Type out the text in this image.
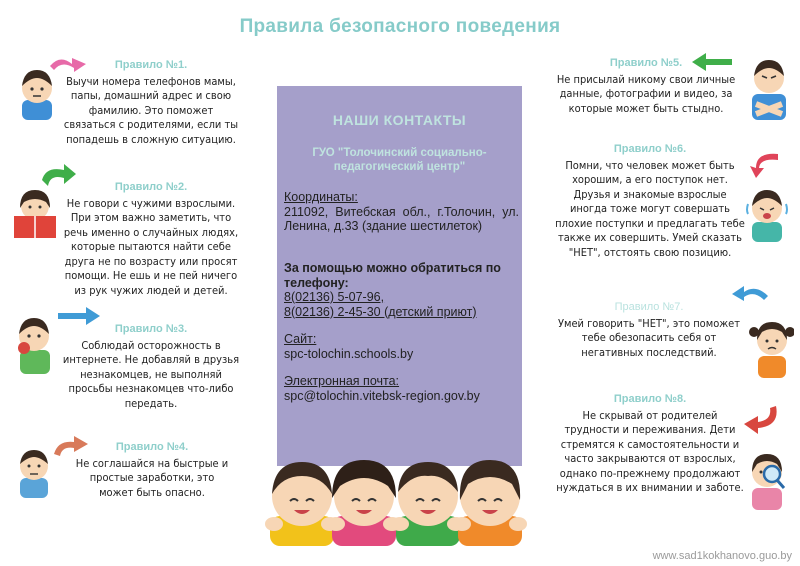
Правила безопасного поведения
Правило №1.
Выучи номера телефонов мамы, папы, домашний адрес и свою фамилию. Это поможет связаться с родителями, если ты попадешь в сложную ситуацию.
Правило №2.
Не говори с чужими взрослыми. При этом важно заметить, что речь именно о случайных людях, которые пытаются найти себе друга не по возрасту или просят помощи. Не ешь и не пей ничего из рук чужих людей и детей.
Правило №3.
Соблюдай осторожность в интернете. Не добавляй в друзья незнакомцев, не выполняй просьбы незнакомцев что-либо передать.
Правило №4.
Не соглашайся на быстрые и простые заработки, это может быть опасно.
Правило №5.
Не присылай никому свои личные данные, фотографии и видео, за которые может быть стыдно.
Правило №6.
Помни, что человек может быть хорошим, а его поступок нет. Друзья и знакомые взрослые иногда тоже могут совершать плохие поступки и предлагать тебе также их совершить. Умей сказать "НЕТ", отстоять свою позицию.
Правило №7.
Умей говорить "НЕТ", это поможет тебе обезопасить себя от негативных последствий.
Правило №8.
Не скрывай от родителей трудности и переживания. Дети стремятся к самостоятельности и часто закрываются от взрослых, однако по-прежнему продолжают нуждаться в их внимании и заботе.
НАШИ КОНТАКТЫ
ГУО "Толочинский социально-педагогический центр"
Координаты:
211092, Витебская обл., г.Толочин, ул. Ленина, д.33 (здание шестилеток)
За помощью можно обратиться по телефону:
8(02136) 5-07-96,
8(02136) 2-45-30 (детский приют)
Сайт:
spc-tolochin.schools.by
Электронная почта:
spc@tolochin.vitebsk-region.gov.by
www.sad1kokhanovo.guo.by
